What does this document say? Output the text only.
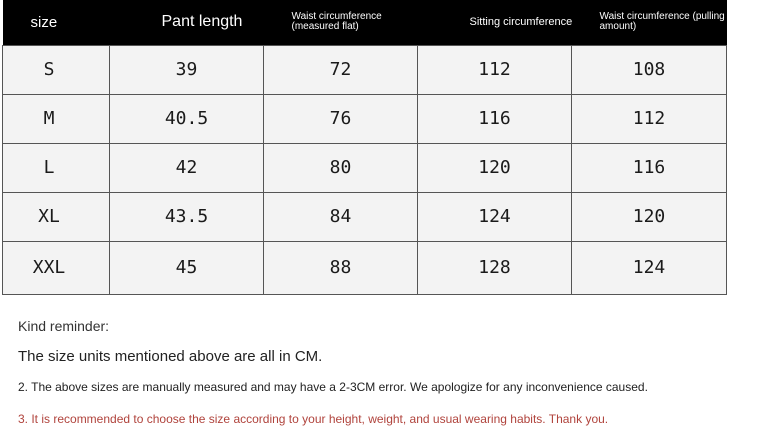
size	Pant length	Waist circumference (measured flat)	Sitting circumference	Waist circumference (pulling amount)
S	39	72	112	108
M	40.5	76	116	112
L	42	80	120	116
XL	43.5	84	124	120
XXL	45	88	128	124
Kind reminder:
The size units mentioned above are all in CM.
2. The above sizes are manually measured and may have a 2-3CM error. We apologize for any inconvenience caused.
3. It is recommended to choose the size according to your height, weight, and usual wearing habits. Thank you.
